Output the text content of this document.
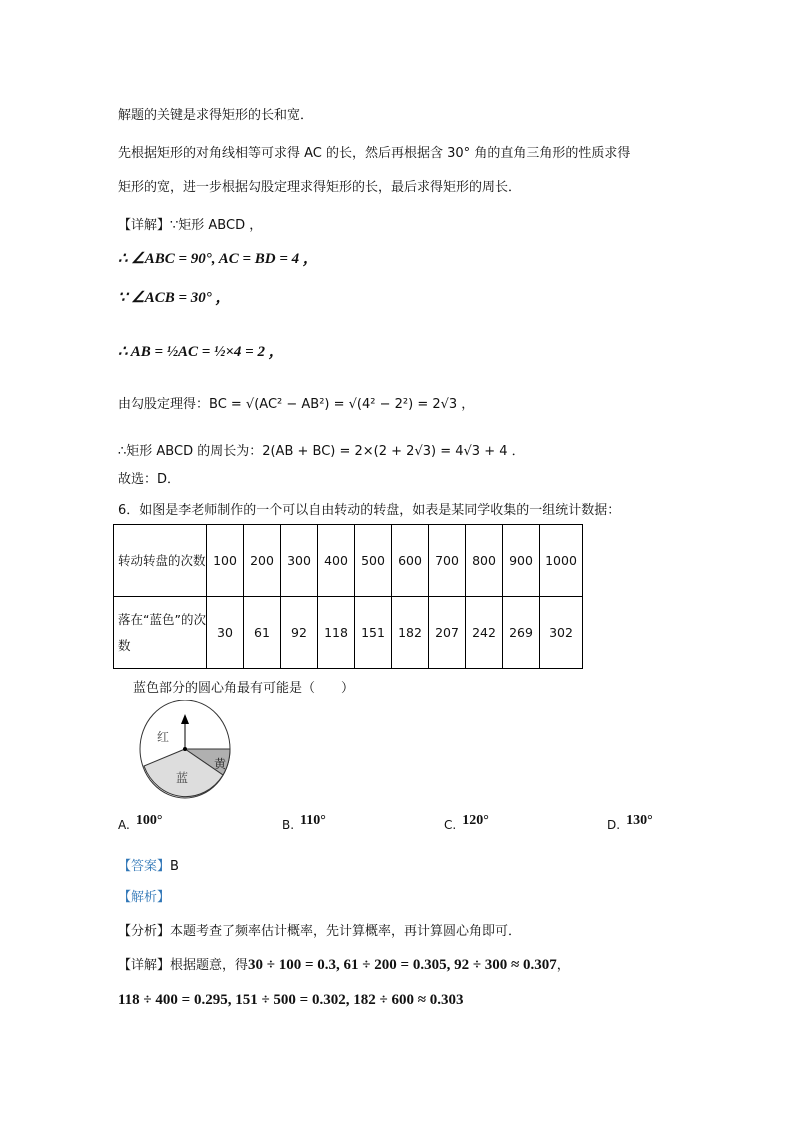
解题的关键是求得矩形的长和宽．
先根据矩形的对角线相等可求得 AC 的长，然后再根据含 30° 角的直角三角形的性质求得
矩形的宽，进一步根据勾股定理求得矩形的长，最后求得矩形的周长．
【详解】∵矩形 ABCD ，
∴ ∠ABC = 90°, AC = BD = 4 ，
∵ ∠ACB = 30° ，
∴ AB = ½AC = ½×4 = 2 ，
由勾股定理得：BC = √(AC² − AB²) = √(4² − 2²) = 2√3 ，
∴矩形 ABCD 的周长为：2(AB + BC) = 2×(2 + 2√3) = 4√3 + 4 ．
故选：D．
6．如图是李老师制作的一个可以自由转动的转盘，如表是某同学收集的一组统计数据：
转动转盘的次数	100	200	300	400	500	600	700	800	900	1000
落在“蓝色”的次数	30	61	92	118	151	182	207	242	269	302
蓝色部分的圆心角最有可能是（　　）
红
黄
蓝
A. 100°	B. 110°	C. 120°	D. 130°
【答案】B
【解析】
【分析】本题考查了频率估计概率，先计算概率，再计算圆心角即可．
【详解】根据题意，得30 ÷ 100 = 0.3, 61 ÷ 200 = 0.305, 92 ÷ 300 ≈ 0.307，
118 ÷ 400 = 0.295, 151 ÷ 500 = 0.302, 182 ÷ 600 ≈ 0.303
